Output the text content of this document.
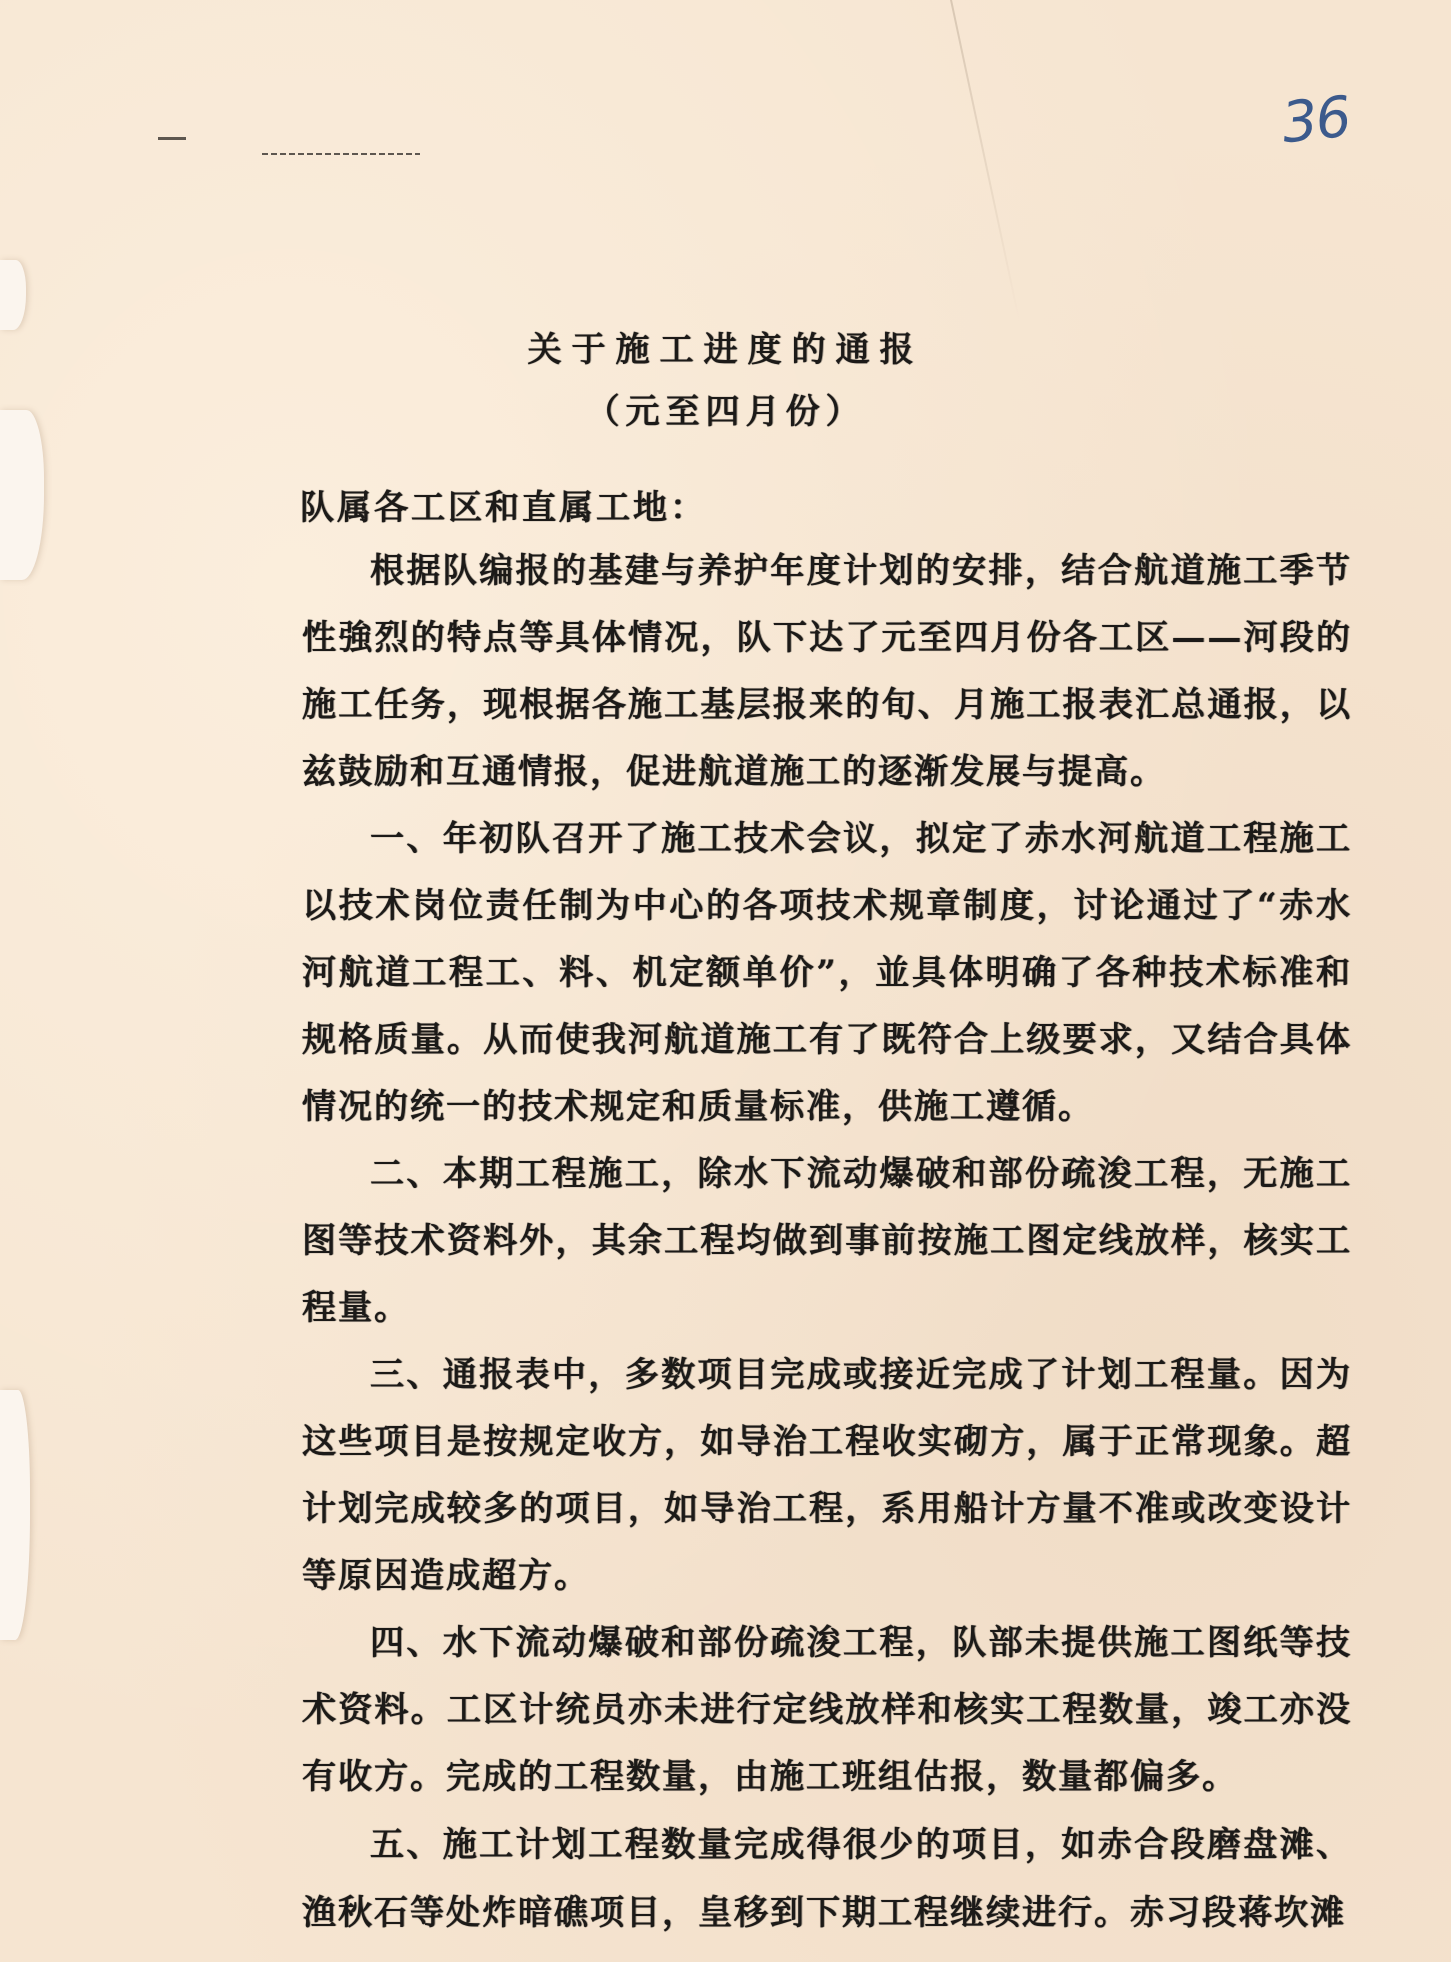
36
关于施工进度的通报
（元至四月份）
队属各工区和直属工地：

根据队编报的基建与养护年度计划的安排，结合航道施工季节性強烈的特点等具体情况，队下达了元至四月份各工区——河段的施工任务，现根据各施工基层报来的旬、月施工报表汇总通报，以兹鼓励和互通情报，促进航道施工的逐渐发展与提高。

一、年初队召开了施工技术会议，拟定了赤水河航道工程施工以技术岗位责任制为中心的各项技术规章制度，讨论通过了“赤水河航道工程工、料、机定额单价”，並具体明确了各种技术标准和规格质量。从而使我河航道施工有了既符合上级要求，又结合具体情况的统一的技术规定和质量标准，供施工遵循。

二、本期工程施工，除水下流动爆破和部份疏浚工程，无施工图等技术资料外，其余工程均做到事前按施工图定线放样，核实工程量。

三、通报表中，多数项目完成或接近完成了计划工程量。因为这些项目是按规定收方，如导治工程收实砌方，属于正常现象。超计划完成较多的项目，如导治工程，系用船计方量不准或改变设计等原因造成超方。

四、水下流动爆破和部份疏浚工程，队部未提供施工图纸等技术资料。工区计统员亦未进行定线放样和核实工程数量，竣工亦没有收方。完成的工程数量，由施工班组估报，数量都偏多。

五、施工计划工程数量完成得很少的项目，如赤合段磨盘滩、渔秋石等处炸暗礁项目，皇移到下期工程继续进行。赤习段蒋坎滩
